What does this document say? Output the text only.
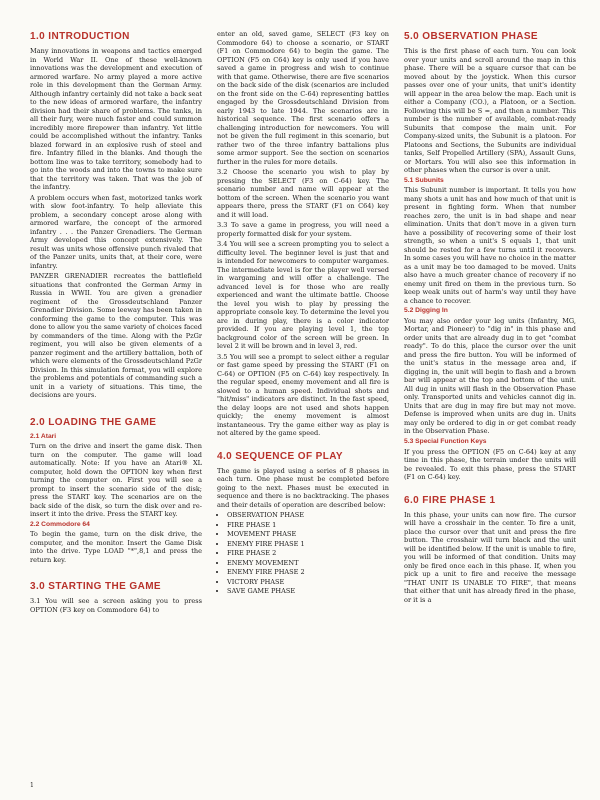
1.0 INTRODUCTION

Many innovations in weapons and tactics emerged in World War II. One of these well-known innovations was the development and execution of armored warfare. No army played a more active role in this development than the German Army. Although infantry certainly did not take a back seat to the new ideas of armored warfare, the infantry division had their share of problems. The tanks, in all their fury, were much faster and could summon incredibly more firepower than infantry. Yet little could be accomplished without the infantry. Tanks blazed forward in an explosive rush of steel and fire. Infantry filled in the blanks. And though the bottom line was to take territory, somebody had to go into the woods and into the towns to make sure that the territory was taken. That was the job of the infantry.

A problem occurs when fast, motorized tanks work with slow foot-infantry. To help alleviate this problem, a secondary concept arose along with armored warfare, the concept of the armored infantry . . . the Panzer Grenadiers. The German Army developed this concept extensively. The result was units whose offensive punch rivaled that of the Panzer units, units that, at their core, were infantry.

PANZER GRENADIER recreates the battlefield situations that confronted the German Army in Russia in WWII. You are given a grenadier regiment of the Grossdeutschland Panzer Grenadier Division. Some leeway has been taken in conforming the game to the computer. This was done to allow you the same variety of choices faced by commanders of the time. Along with the PzGr regiment, you will also be given elements of a panzer regiment and the artillery battalion, both of which were elements of the Grossdeutschland PzGr Division. In this simulation format, you will explore the problems and potentials of commanding such a unit in a variety of situations. This time, the decisions are yours.

2.0 LOADING THE GAME
2.1 Atari

Turn on the drive and insert the game disk. Then turn on the computer. The game will load automatically. Note: If you have an Atari® XL computer, hold down the OPTION key when first turning the computer on. First you will see a prompt to insert the scenario side of the disk; press the START key. The scenarios are on the back side of the disk, so turn the disk over and re-insert it into the drive. Press the START key.

2.2 Commodore 64

To begin the game, turn on the disk drive, the computer, and the monitor. Insert the Game Disk into the drive. Type LOAD "*",8,1 and press the return key.

3.0 STARTING THE GAME

3.1 You will see a screen asking you to press OPTION (F3 key on Commodore 64) to

enter an old, saved game, SELECT (F3 key on Commodore 64) to choose a scenario, or START (F1 on Commodore 64) to begin the game. The OPTION (F5 on C64) key is only used if you have saved a game in progress and wish to continue with that game. Otherwise, there are five scenarios on the back side of the disk (scenarios are included on the front side on the C-64) representing battles engaged by the Grossdeutschland Division from early 1943 to late 1944. The scenarios are in historical sequence. The first scenario offers a challenging introduction for newcomers. You will not be given the full regiment in this scenario, but rather two of the three infantry battalions plus some armor support. See the section on scenarios further in the rules for more details.

3.2 Choose the scenario you wish to play by pressing the SELECT (F3 on C-64) key. The scenario number and name will appear at the bottom of the screen. When the scenario you want appears there, press the START (F1 on C64) key and it will load.

3.3 To save a game in progress, you will need a properly formatted disk for your system.

3.4 You will see a screen prompting you to select a difficulty level. The beginner level is just that and is intended for newcomers to computer wargames. The intermediate level is for the player well versed in wargaming and will offer a challenge. The advanced level is for those who are really experienced and want the ultimate battle. Choose the level you wish to play by pressing the appropriate console key. To determine the level you are in during play, there is a color indicator provided. If you are playing level 1, the top background color of the screen will be green. In level 2 it will be brown and in level 3, red.

3.5 You will see a prompt to select either a regular or fast game speed by pressing the START (F1 on C-64) or OPTION (F5 on C-64) key respectively. In the regular speed, enemy movement and all fire is slowed to a human speed. Individual shots and "hit/miss" indicators are distinct. In the fast speed, the delay loops are not used and shots happen quickly; the enemy movement is almost instantaneous. Try the game either way as play is not altered by the game speed.

4.0 SEQUENCE OF PLAY

The game is played using a series of 8 phases in each turn. One phase must be completed before going to the next. Phases must be executed in sequence and there is no backtracking. The phases and their details of operation are described below:

• OBSERVATION PHASE
• FIRE PHASE 1
• MOVEMENT PHASE
• ENEMY FIRE PHASE 1
• FIRE PHASE 2
• ENEMY MOVEMENT
• ENEMY FIRE PHASE 2
• VICTORY PHASE
• SAVE GAME PHASE
5.0 OBSERVATION PHASE

This is the first phase of each turn. You can look over your units and scroll around the map in this phase. There will be a square cursor that can be moved about by the joystick. When this cursor passes over one of your units, that unit's identity will appear in the area below the map. Each unit is either a Company (CO.), a Platoon, or a Section. Following this will be S =, and then a number. This number is the number of available, combat-ready Subunits that compose the main unit. For Company-sized units, the Subunit is a platoon. For Platoons and Sections, the Subunits are individual tanks, Self Propelled Artillery (SPA), Assault Guns, or Mortars. You will also see this information in other phases when the cursor is over a unit.

5.1 Subunits

This Subunit number is important. It tells you how many shots a unit has and how much of that unit is present in fighting form. When that number reaches zero, the unit is in bad shape and near elimination. Units that don't move in a given turn have a possibility of recovering some of their lost strength, so when a unit's S equals 1, that unit should be rested for a few turns until it recovers. In some cases you will have no choice in the matter as a unit may be too damaged to be moved. Units also have a much greater chance of recovery if no enemy unit fired on them in the previous turn. So keep weak units out of harm's way until they have a chance to recover.

5.2 Digging In

You may also order your leg units (Infantry, MG, Mortar, and Pioneer) to "dig in" in this phase and order units that are already dug in to get "combat ready". To do this, place the cursor over the unit and press the fire button. You will be informed of the unit's status in the message area and, if digging in, the unit will begin to flash and a brown bar will appear at the top and bottom of the unit. All dug in units will flash in the Observation Phase only. Transported units and vehicles cannot dig in. Units that are dug in may fire but may not move. Defense is improved when units are dug in. Units may only be ordered to dig in or get combat ready in the Observation Phase.

5.3 Special Function Keys

If you press the OPTION (F5 on C-64) key at any time in this phase, the terrain under the units will be revealed. To exit this phase, press the START (F1 on C-64) key.

6.0 FIRE PHASE 1

In this phase, your units can now fire. The cursor will have a crosshair in the center. To fire a unit, place the cursor over that unit and press the fire button. The crosshair will turn black and the unit will be identified below. If the unit is unable to fire, you will be informed of that condition. Units may only be fired once each in this phase. If, when you pick up a unit to fire and receive the message "THAT UNIT IS UNABLE TO FIRE", that means that either that unit has already fired in the phase, or it is a

1
